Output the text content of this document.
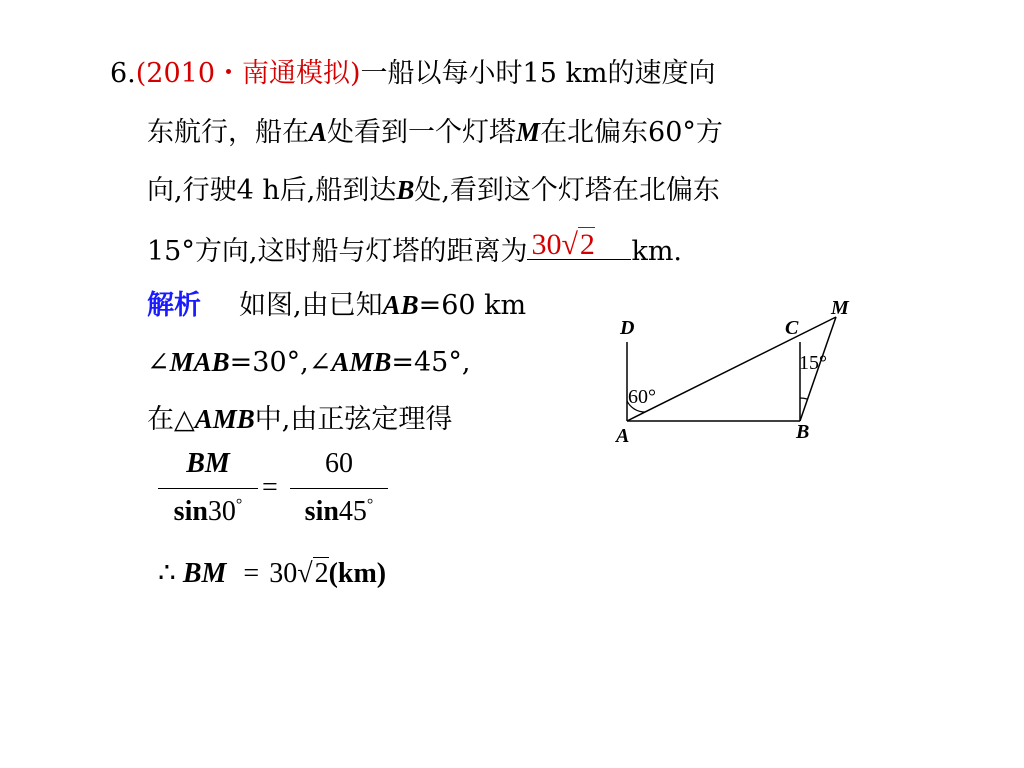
6.(2010・南通模拟)一船以每小时15 km的速度向
东航行，船在A处看到一个灯塔M在北偏东60°方
向,行驶4 h后,船到达B处,看到这个灯塔在北偏东
15°方向,这时船与灯塔的距离为 30√2 km.
解析 如图,由已知AB=60 km
∠MAB=30°,∠AMB=45°,
在△AMB中,由正弦定理得
BM
sin30°
=
60
sin45°
∴ BM = 30√2(km)
D	C
M
A	B
60°
15°
